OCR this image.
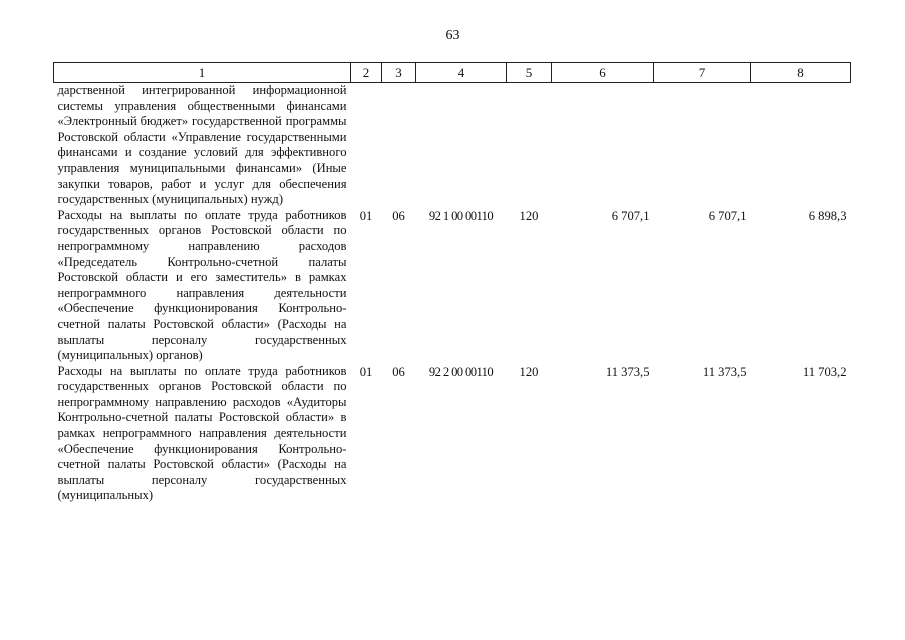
63
1	2	3	4	5	6	7	8
дарственной интегрированной информационной системы управления общественными финансами «Электронный бюджет» государственной программы Ростовской области «Управление государственными финансами и создание условий для эффективного управления муниципальными финансами» (Иные закупки товаров, работ и услуг для обеспечения государственных (муниципальных) нужд)							
Расходы на выплаты по оплате труда работников государственных органов Ростовской области по непрограммному направлению расходов «Председатель Контрольно-счетной палаты Ростовской области и его заместитель» в рамках непрограммного направления деятельности «Обеспечение функционирования Контрольно-счетной палаты Ростовской области» (Расходы на выплаты персоналу государственных (муниципальных) органов)	01	06	92 1 00 00110	120	6 707,1	6 707,1	6 898,3
Расходы на выплаты по оплате труда работников государственных органов Ростовской области по непрограммному направлению расходов «Аудиторы Контрольно-счетной палаты Ростовской области» в рамках непрограммного направления деятельности «Обеспечение функционирования Контрольно-счетной палаты Ростовской области» (Расходы на выплаты персоналу государственных (муниципальных)	01	06	92 2 00 00110	120	11 373,5	11 373,5	11 703,2
